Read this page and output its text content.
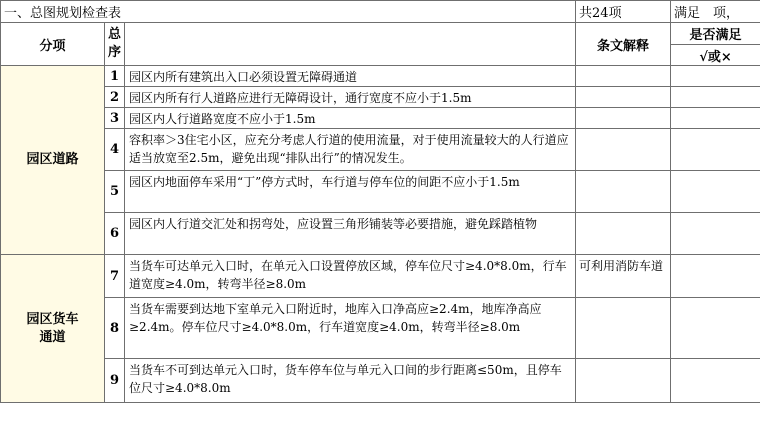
一、总图规划检查表			共24项	满足　项，
分项	总
序		条文解释	是否满足
				√或×
园区道路	1	园区内所有建筑出入口必须设置无障碍通道		
	2	园区内所有行人道路应进行无障碍设计，通行宽度不应小于1.5m		
	3	园区内人行道路宽度不应小于1.5m		
	4	容积率＞3住宅小区，应充分考虑人行道的使用流量，对于使用流量较大的人行道应适当放宽至2.5m，避免出现“排队出行”的情况发生。		
	5	园区内地面停车采用“丁”停方式时，车行道与停车位的间距不应小于1.5m		
	6	园区内人行道交汇处和拐弯处，应设置三角形铺装等必要措施，避免踩踏植物		

园区货车
通道	7	当货车可达单元入口时，在单元入口设置停放区域，停车位尺寸≥4.0*8.0m，行车道宽度≥4.0m，转弯半径≥8.0m	可利用消防车道	
	8	当货车需要到达地下室单元入口附近时，地库入口净高应≥2.4m，地库净高应≥2.4m。停车位尺寸≥4.0*8.0m，行车道宽度≥4.0m，转弯半径≥8.0m		
	9	当货车不可到达单元入口时，货车停车位与单元入口间的步行距离≤50m，且停车位尺寸≥4.0*8.0m		
